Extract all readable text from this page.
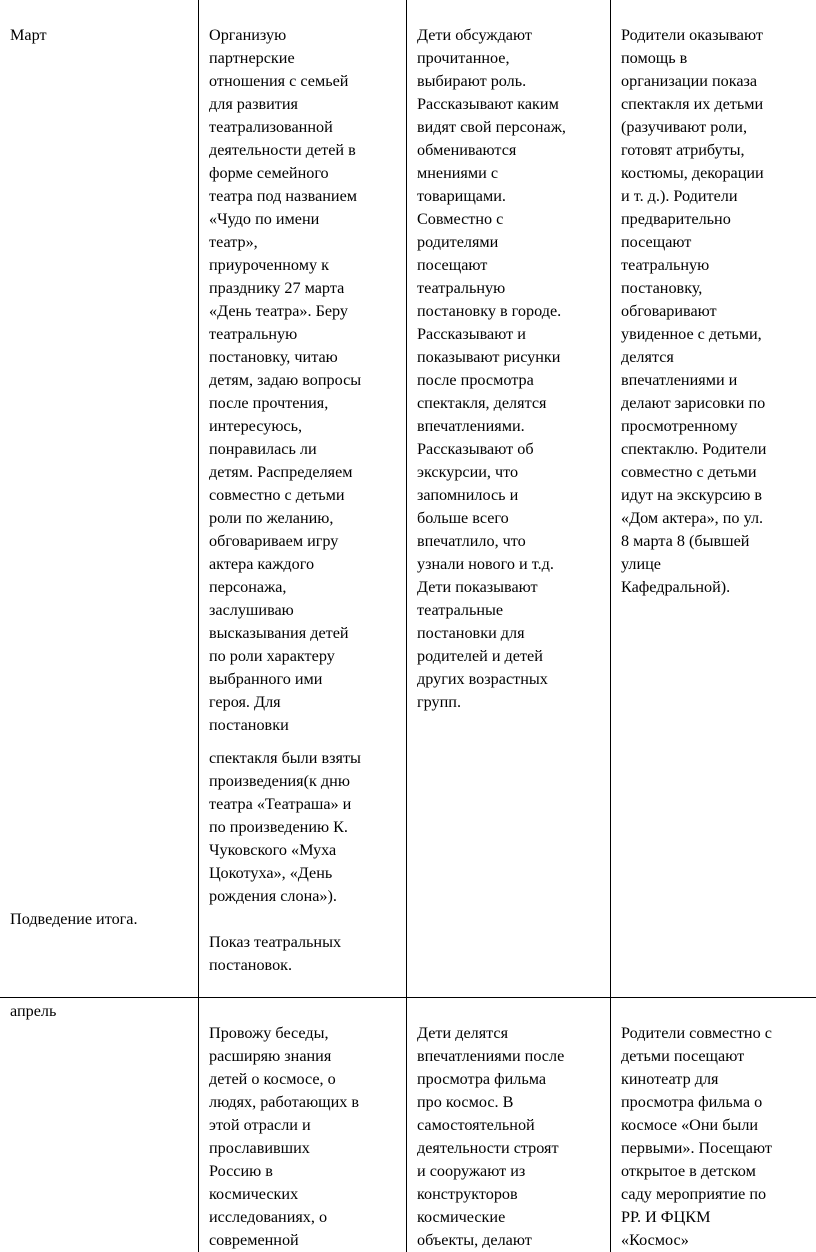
Март
Подведение итога.
Организую
партнерские
отношения с семьей
для развития
театрализованной
деятельности детей в
форме семейного
театра под названием
«Чудо по имени
театр»,
приуроченному к
празднику 27 марта
«День театра». Беру
театральную
постановку, читаю
детям, задаю вопросы
после прочтения,
интересуюсь,
понравилась ли
детям. Распределяем
совместно с детьми
роли по желанию,
обговариваем игру
актера каждого
персонажа,
заслушиваю
высказывания детей
по роли характеру
выбранного ими
героя. Для
постановки
спектакля были взяты
произведения(к дню
театра «Театраша» и
по произведению К.
Чуковского «Муха
Цокотуха», «День
рождения слона»).
Показ театральных
постановок.
Дети обсуждают
прочитанное,
выбирают роль.
Рассказывают каким
видят свой персонаж,
обмениваются
мнениями с
товарищами.
Совместно с
родителями
посещают
театральную
постановку в городе.
Рассказывают и
показывают рисунки
после просмотра
спектакля, делятся
впечатлениями.
Рассказывают об
экскурсии, что
запомнилось и
больше всего
впечатлило, что
узнали нового и т.д.
Дети показывают
театральные
постановки для
родителей и детей
других возрастных
групп.
Родители оказывают
помощь в
организации показа
спектакля их детьми
(разучивают роли,
готовят атрибуты,
костюмы, декорации
и т. д.). Родители
предварительно
посещают
театральную
постановку,
обговаривают
увиденное с детьми,
делятся
впечатлениями и
делают зарисовки по
просмотренному
спектаклю. Родители
совместно с детьми
идут на экскурсию в
«Дом актера», по ул.
8 марта 8 (бывшей
улице
Кафедральной).
апрель
Провожу беседы,
расширяю знания
детей о космосе, о
людях, работающих в
этой отрасли и
прославивших
Россию в
космических
исследованиях, о
современной
Дети делятся
впечатлениями после
просмотра фильма
про космос. В
самостоятельной
деятельности строят
и сооружают из
конструкторов
космические
объекты, делают
Родители совместно с
детьми посещают
кинотеатр для
просмотра фильма о
космосе «Они были
первыми». Посещают
открытое в детском
саду мероприятие по
РР. И ФЦКМ
«Космос»
